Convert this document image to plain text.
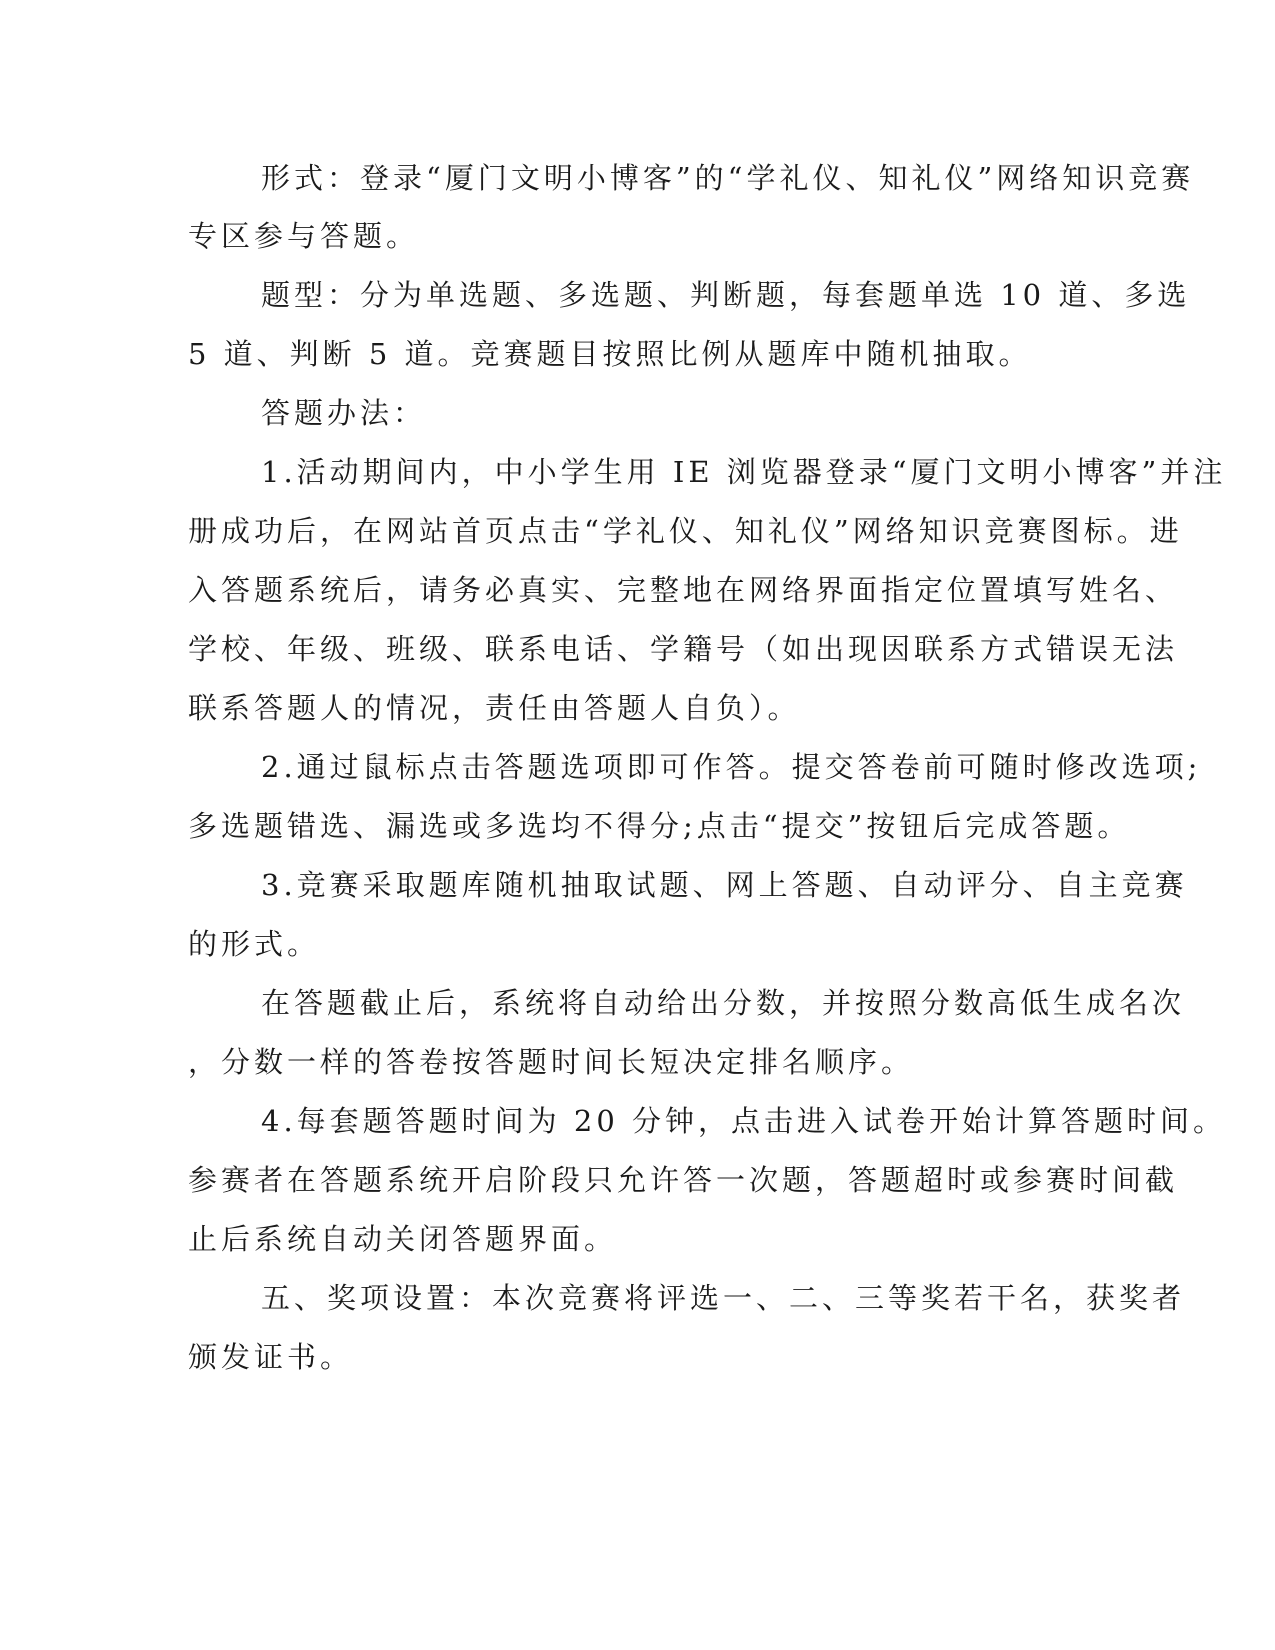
形式：登录“厦门文明小博客”的“学礼仪、知礼仪”网络知识竞赛
专区参与答题。
题型：分为单选题、多选题、判断题，每套题单选 10 道、多选
5 道、判断 5 道。竞赛题目按照比例从题库中随机抽取。
答题办法：
1.活动期间内，中小学生用 IE 浏览器登录“厦门文明小博客”并注
册成功后，在网站首页点击“学礼仪、知礼仪”网络知识竞赛图标。进
入答题系统后，请务必真实、完整地在网络界面指定位置填写姓名、
学校、年级、班级、联系电话、学籍号（如出现因联系方式错误无法
联系答题人的情况，责任由答题人自负）。
2.通过鼠标点击答题选项即可作答。提交答卷前可随时修改选项;
多选题错选、漏选或多选均不得分;点击“提交”按钮后完成答题。
3.竞赛采取题库随机抽取试题、网上答题、自动评分、自主竞赛
的形式。
在答题截止后，系统将自动给出分数，并按照分数高低生成名次
，分数一样的答卷按答题时间长短决定排名顺序。
4.每套题答题时间为 20 分钟，点击进入试卷开始计算答题时间。
参赛者在答题系统开启阶段只允许答一次题，答题超时或参赛时间截
止后系统自动关闭答题界面。
五、奖项设置：本次竞赛将评选一、二、三等奖若干名，获奖者
颁发证书。
